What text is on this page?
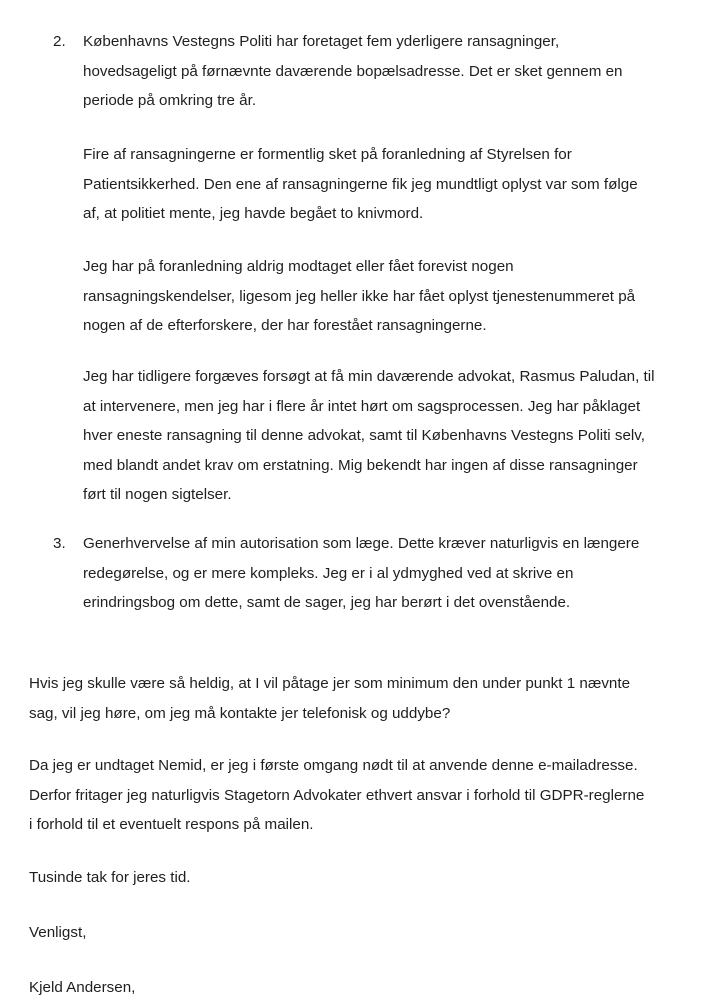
2.	Københavns Vestegns Politi har foretaget fem yderligere ransagninger,
hovedsageligt på førnævnte daværende bopælsadresse. Det er sket gennem en
periode på omkring tre år.

Fire af ransagningerne er formentlig sket på foranledning af Styrelsen for
Patientsikkerhed. Den ene af ransagningerne fik jeg mundtligt oplyst var som følge
af, at politiet mente, jeg havde begået to knivmord.

Jeg har på foranledning aldrig modtaget eller fået forevist nogen
ransagningskendelser, ligesom jeg heller ikke har fået oplyst tjenestenummeret på
nogen af de efterforskere, der har forestået ransagningerne.

Jeg har tidligere forgæves forsøgt at få min daværende advokat, Rasmus Paludan, til
at intervenere, men jeg har i flere år intet hørt om sagsprocessen. Jeg har påklaget
hver eneste ransagning til denne advokat, samt til Københavns Vestegns Politi selv,
med blandt andet krav om erstatning. Mig bekendt har ingen af disse ransagninger
ført til nogen sigtelser.

3.	Generhvervelse af min autorisation som læge. Dette kræver naturligvis en længere
redegørelse, og er mere kompleks. Jeg er i al ydmyghed ved at skrive en
erindringsbog om dette, samt de sager, jeg har berørt i det ovenstående.

Hvis jeg skulle være så heldig, at I vil påtage jer som minimum den under punkt 1 nævnte
sag, vil jeg høre, om jeg må kontakte jer telefonisk og uddybe?

Da jeg er undtaget Nemid, er jeg i første omgang nødt til at anvende denne e-mailadresse.
Derfor fritager jeg naturligvis Stagetorn Advokater ethvert ansvar i forhold til GDPR-reglerne
i forhold til et eventuelt respons på mailen.

Tusinde tak for jeres tid.

Venligst,

Kjeld Andersen,
